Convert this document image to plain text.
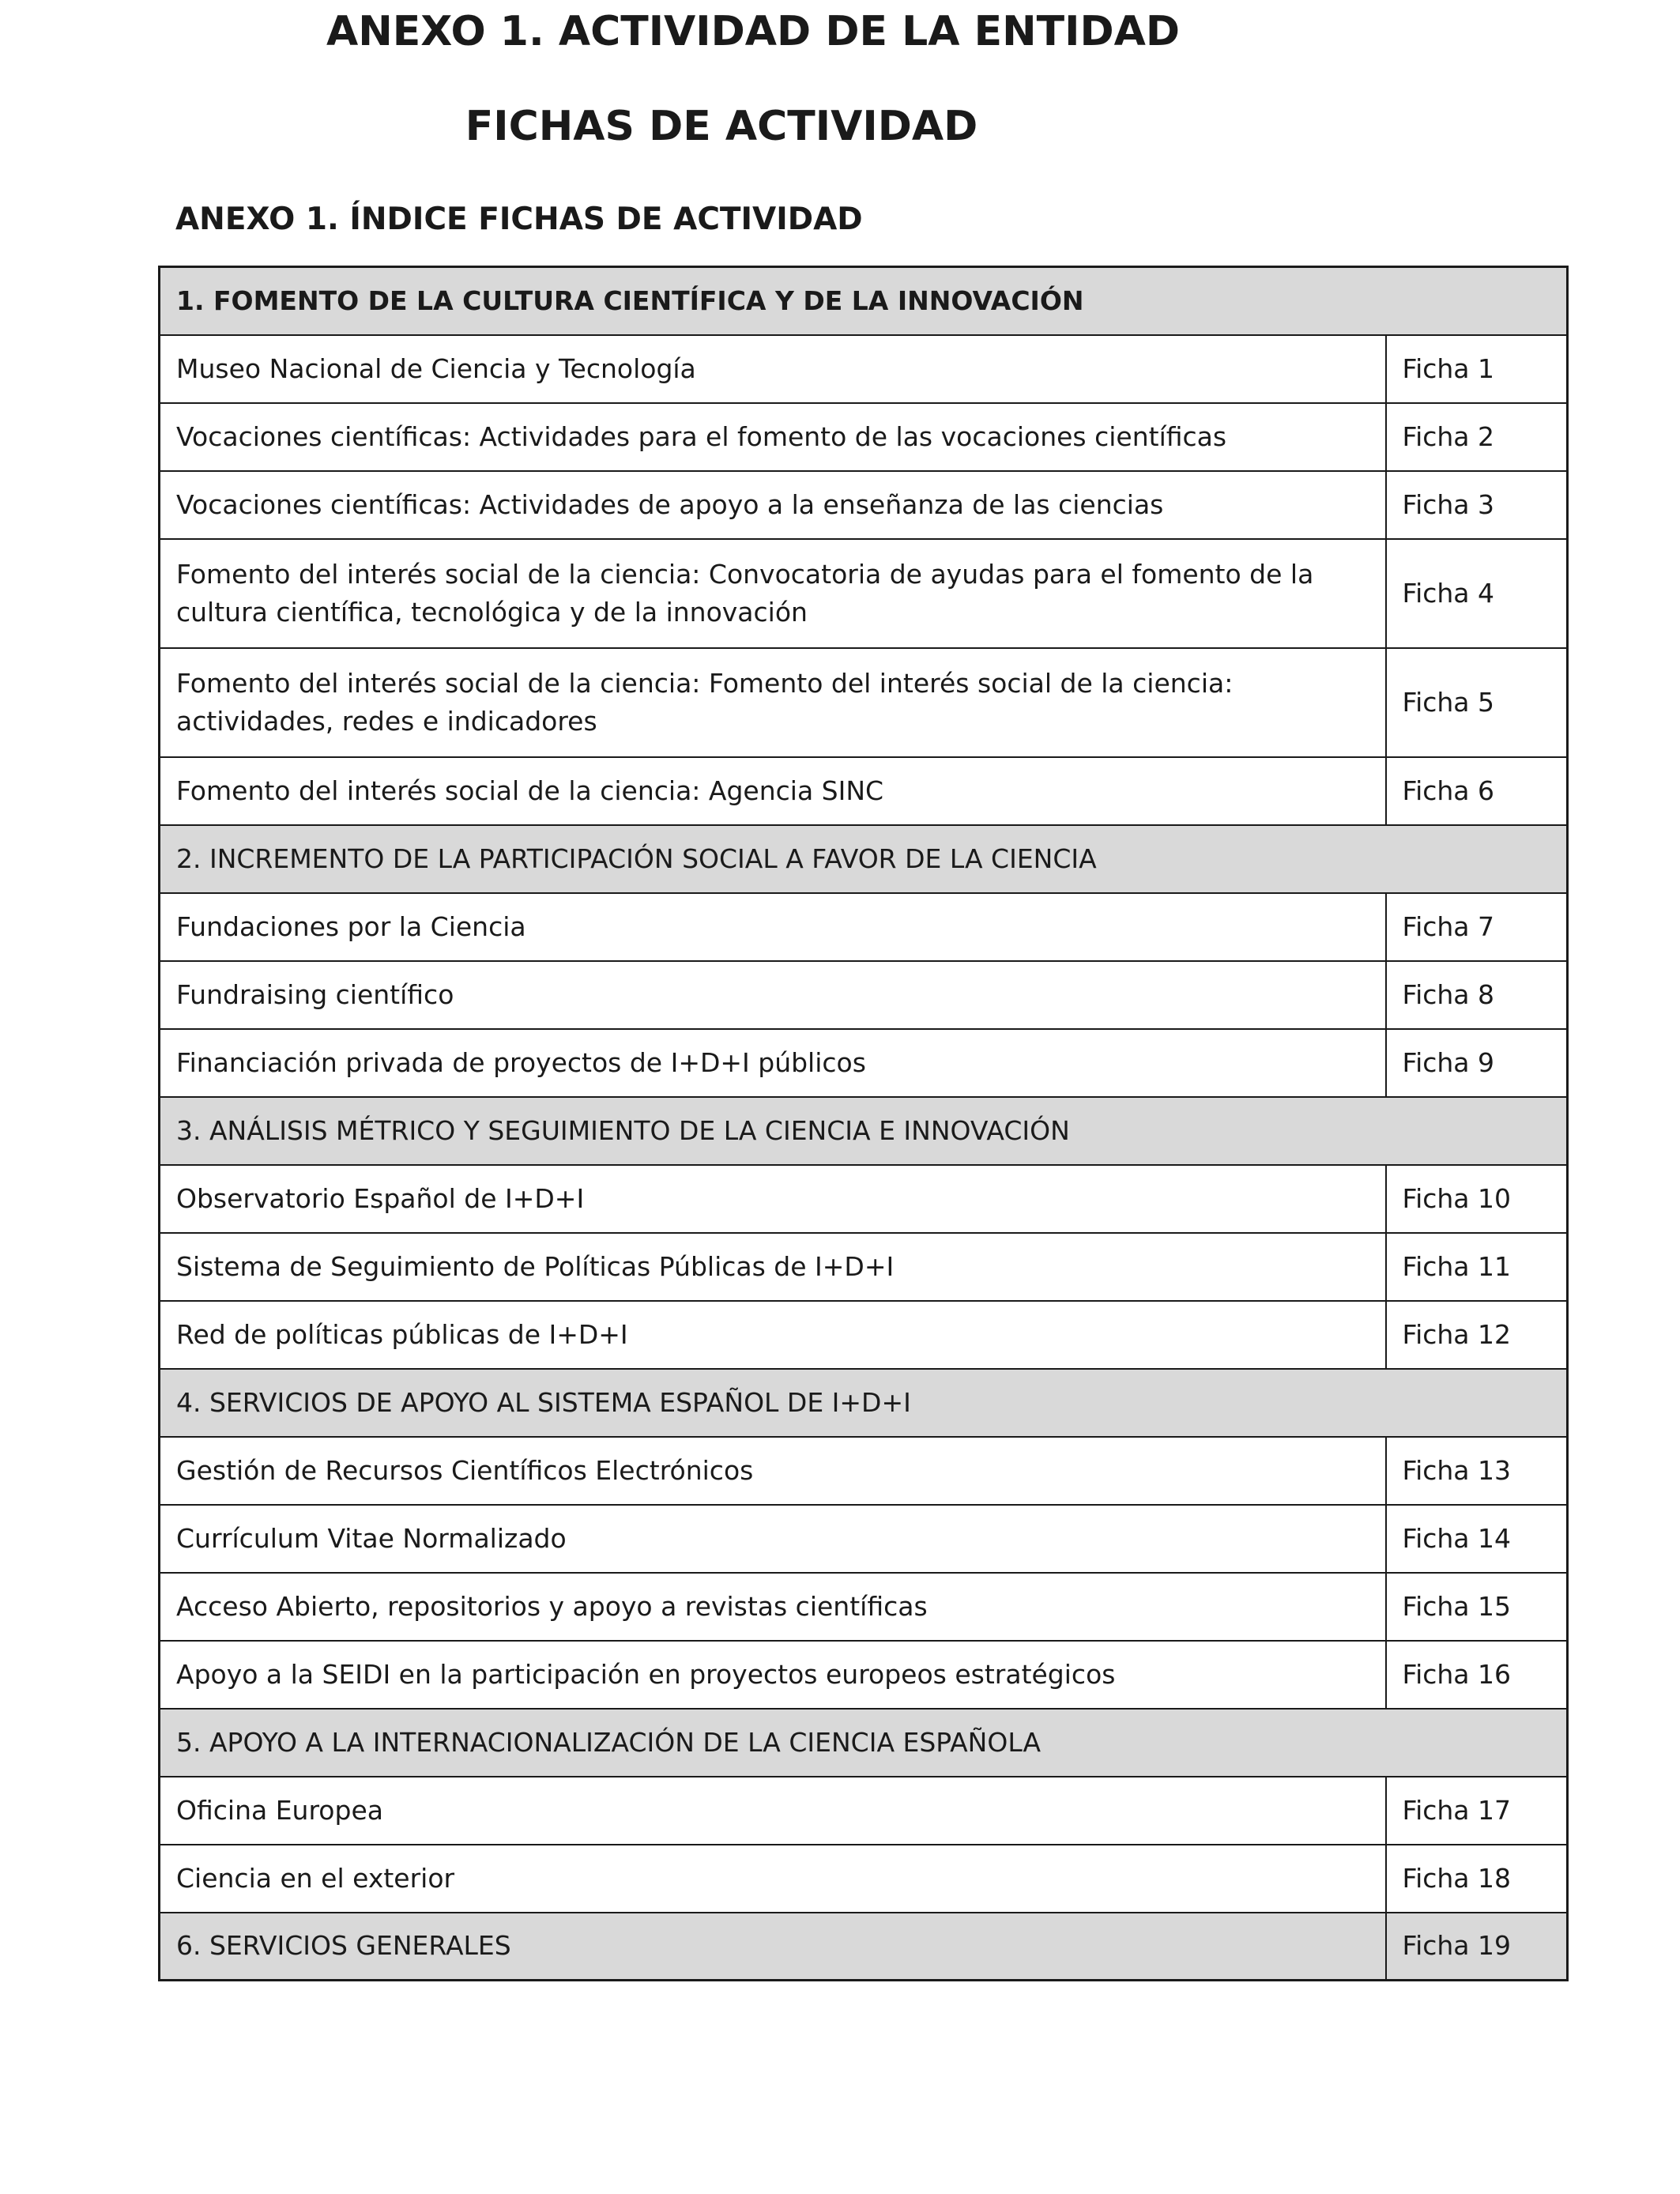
ANEXO 1. ACTIVIDAD DE LA ENTIDAD
FICHAS DE ACTIVIDAD
ANEXO 1. ÍNDICE FICHAS DE ACTIVIDAD
1. FOMENTO DE LA CULTURA CIENTÍFICA Y DE LA INNOVACIÓN	
Museo Nacional de Ciencia y Tecnología	Ficha 1
Vocaciones científicas: Actividades para el fomento de las vocaciones científicas	Ficha 2
Vocaciones científicas: Actividades de apoyo a la enseñanza de las ciencias	Ficha 3
Fomento del interés social de la ciencia: Convocatoria de ayudas para el fomento de la cultura científica, tecnológica y de la innovación	Ficha 4
Fomento del interés social de la ciencia: Fomento del interés social de la ciencia: actividades, redes e indicadores	Ficha 5
Fomento del interés social de la ciencia: Agencia SINC	Ficha 6
2. INCREMENTO DE LA PARTICIPACIÓN SOCIAL A FAVOR DE LA CIENCIA	
Fundaciones por la Ciencia	Ficha 7
Fundraising científico	Ficha 8
Financiación privada de proyectos de I+D+I públicos	Ficha 9
3. ANÁLISIS MÉTRICO Y SEGUIMIENTO DE LA CIENCIA E INNOVACIÓN	
Observatorio Español de I+D+I	Ficha 10
Sistema de Seguimiento de Políticas Públicas de I+D+I	Ficha 11
Red de políticas públicas de I+D+I	Ficha 12
4. SERVICIOS DE APOYO AL SISTEMA ESPAÑOL DE I+D+I	
Gestión de Recursos Científicos Electrónicos	Ficha 13
Currículum Vitae Normalizado	Ficha 14
Acceso Abierto, repositorios y apoyo a revistas científicas	Ficha 15
Apoyo a la SEIDI en la participación en proyectos europeos estratégicos	Ficha 16
5. APOYO A LA INTERNACIONALIZACIÓN DE LA CIENCIA ESPAÑOLA	
Oficina Europea	Ficha 17
Ciencia en el exterior	Ficha 18
6. SERVICIOS GENERALES	Ficha 19
